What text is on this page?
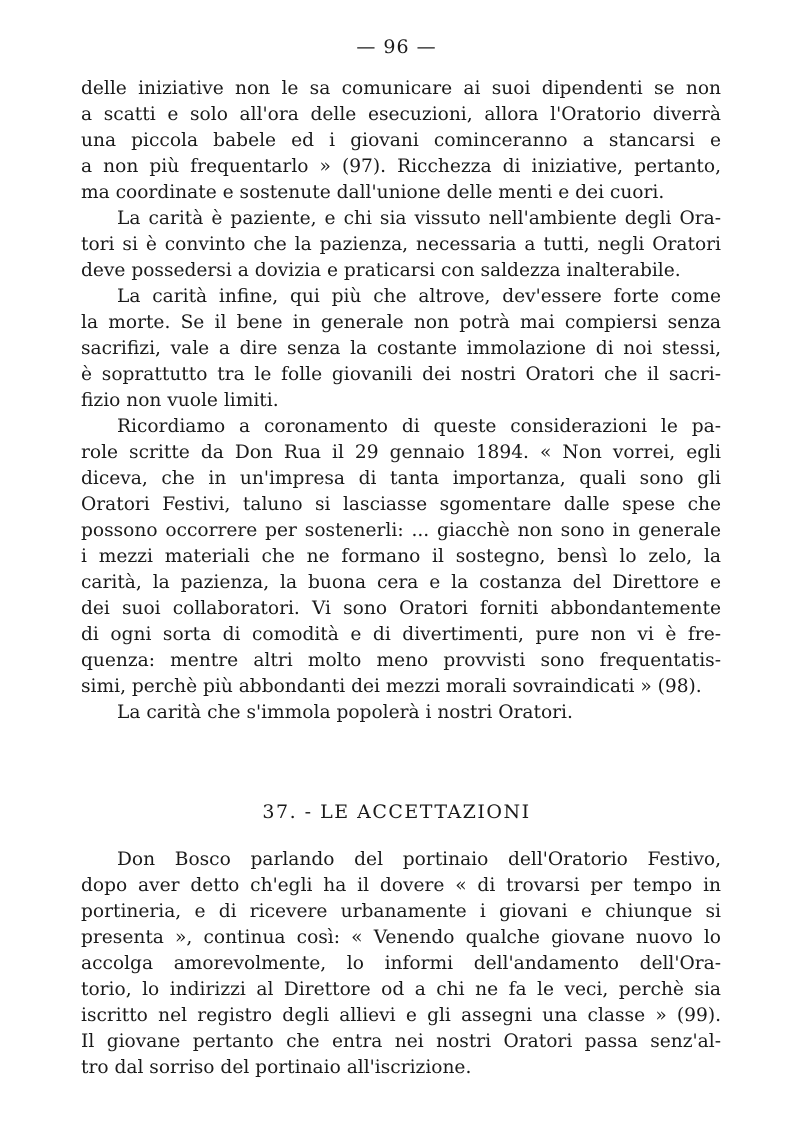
— 96 —
delle iniziative non le sa comunicare ai suoi dipendenti se non
a scatti e solo all'ora delle esecuzioni, allora l'Oratorio diverrà
una piccola babele ed i giovani cominceranno a stancarsi e
a non più frequentarlo » (97). Ricchezza di iniziative, pertanto,
ma coordinate e sostenute dall'unione delle menti e dei cuori.
La carità è paziente, e chi sia vissuto nell'ambiente degli Ora-
tori si è convinto che la pazienza, necessaria a tutti, negli Oratori
deve possedersi a dovizia e praticarsi con saldezza inalterabile.
La carità infine, qui più che altrove, dev'essere forte come
la morte. Se il bene in generale non potrà mai compiersi senza
sacrifizi, vale a dire senza la costante immolazione di noi stessi,
è soprattutto tra le folle giovanili dei nostri Oratori che il sacri-
fizio non vuole limiti.
Ricordiamo a coronamento di queste considerazioni le pa-
role scritte da Don Rua il 29 gennaio 1894. « Non vorrei, egli
diceva, che in un'impresa di tanta importanza, quali sono gli
Oratori Festivi, taluno si lasciasse sgomentare dalle spese che
possono occorrere per sostenerli: ... giacchè non sono in generale
i mezzi materiali che ne formano il sostegno, bensì lo zelo, la
carità, la pazienza, la buona cera e la costanza del Direttore e
dei suoi collaboratori. Vi sono Oratori forniti abbondantemente
di ogni sorta di comodità e di divertimenti, pure non vi è fre-
quenza: mentre altri molto meno provvisti sono frequentatis-
simi, perchè più abbondanti dei mezzi morali sovraindicati » (98).
La carità che s'immola popolerà i nostri Oratori.
37. - LE ACCETTAZIONI
Don Bosco parlando del portinaio dell'Oratorio Festivo,
dopo aver detto ch'egli ha il dovere « di trovarsi per tempo in
portineria, e di ricevere urbanamente i giovani e chiunque si
presenta », continua così: « Venendo qualche giovane nuovo lo
accolga amorevolmente, lo informi dell'andamento dell'Ora-
torio, lo indirizzi al Direttore od a chi ne fa le veci, perchè sia
iscritto nel registro degli allievi e gli assegni una classe » (99).
Il giovane pertanto che entra nei nostri Oratori passa senz'al-
tro dal sorriso del portinaio all'iscrizione.
